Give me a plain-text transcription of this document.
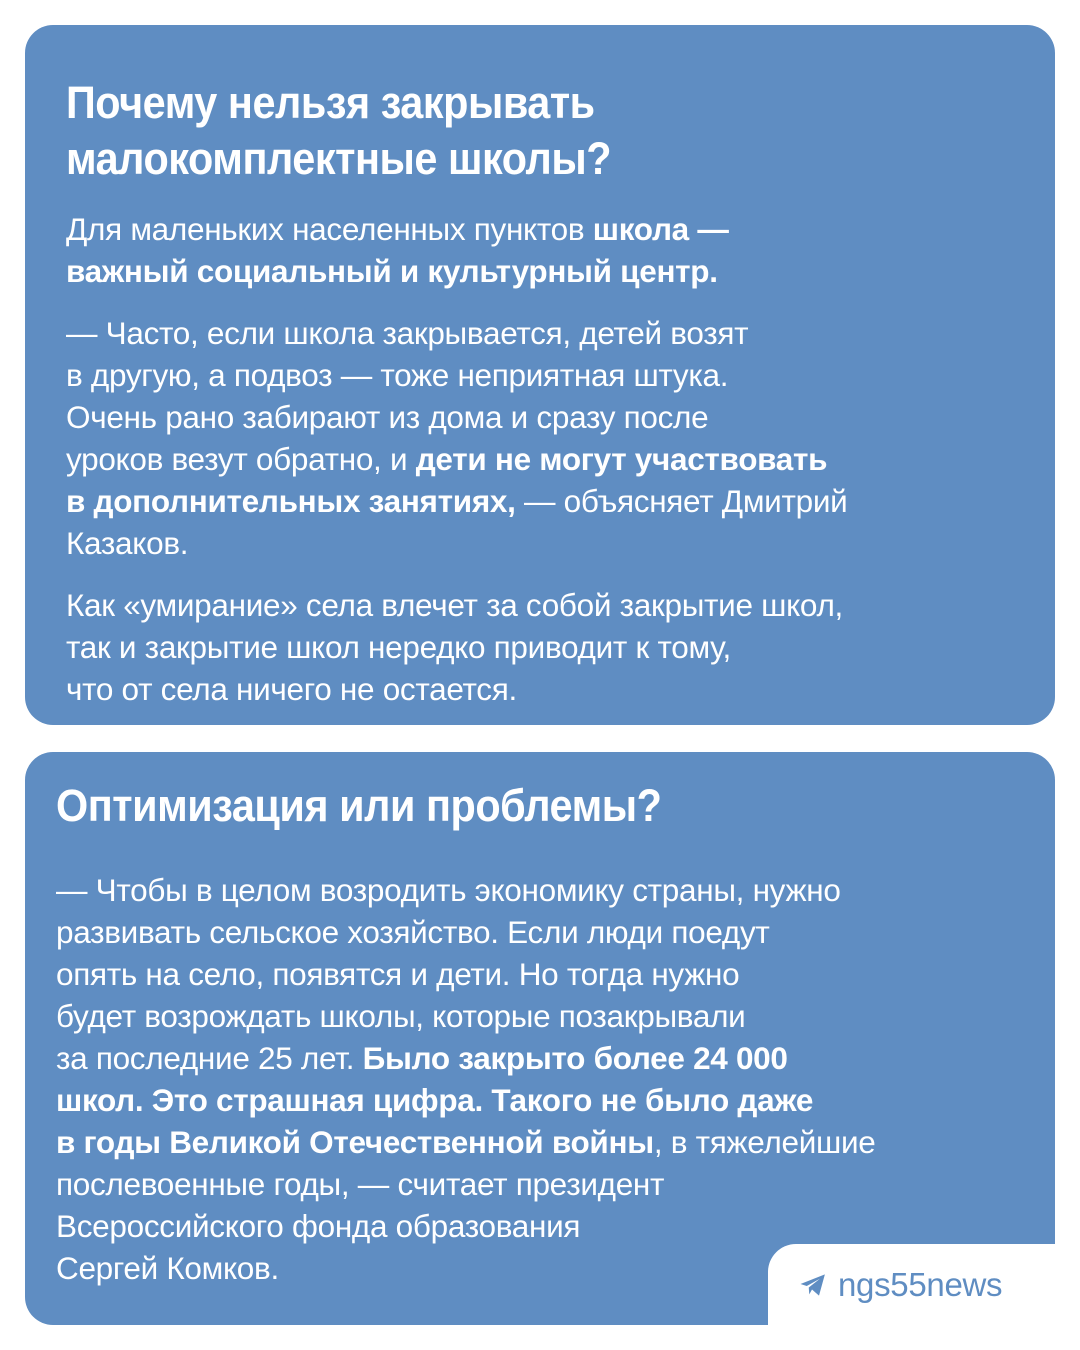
Почему нельзя закрывать
малокомплектные школы?

Для маленьких населенных пунктов школа —
важный социальный и культурный центр.

— Часто, если школа закрывается, детей возят
в другую, а подвоз — тоже неприятная штука.
Очень рано забирают из дома и сразу после
уроков везут обратно, и дети не могут участвовать
в дополнительных занятиях, — объясняет Дмитрий
Казаков.

Как «умирание» села влечет за собой закрытие школ,
так и закрытие школ нередко приводит к тому,
что от села ничего не остается.

Оптимизация или проблемы?

— Чтобы в целом возродить экономику страны, нужно
развивать сельское хозяйство. Если люди поедут
опять на село, появятся и дети. Но тогда нужно
будет возрождать школы, которые позакрывали
за последние 25 лет. Было закрыто более 24 000
школ. Это страшная цифра. Такого не было даже
в годы Великой Отечественной войны, в тяжелейшие
послевоенные годы, — считает президент
Всероссийского фонда образования
Сергей Комков.	ngs55news
